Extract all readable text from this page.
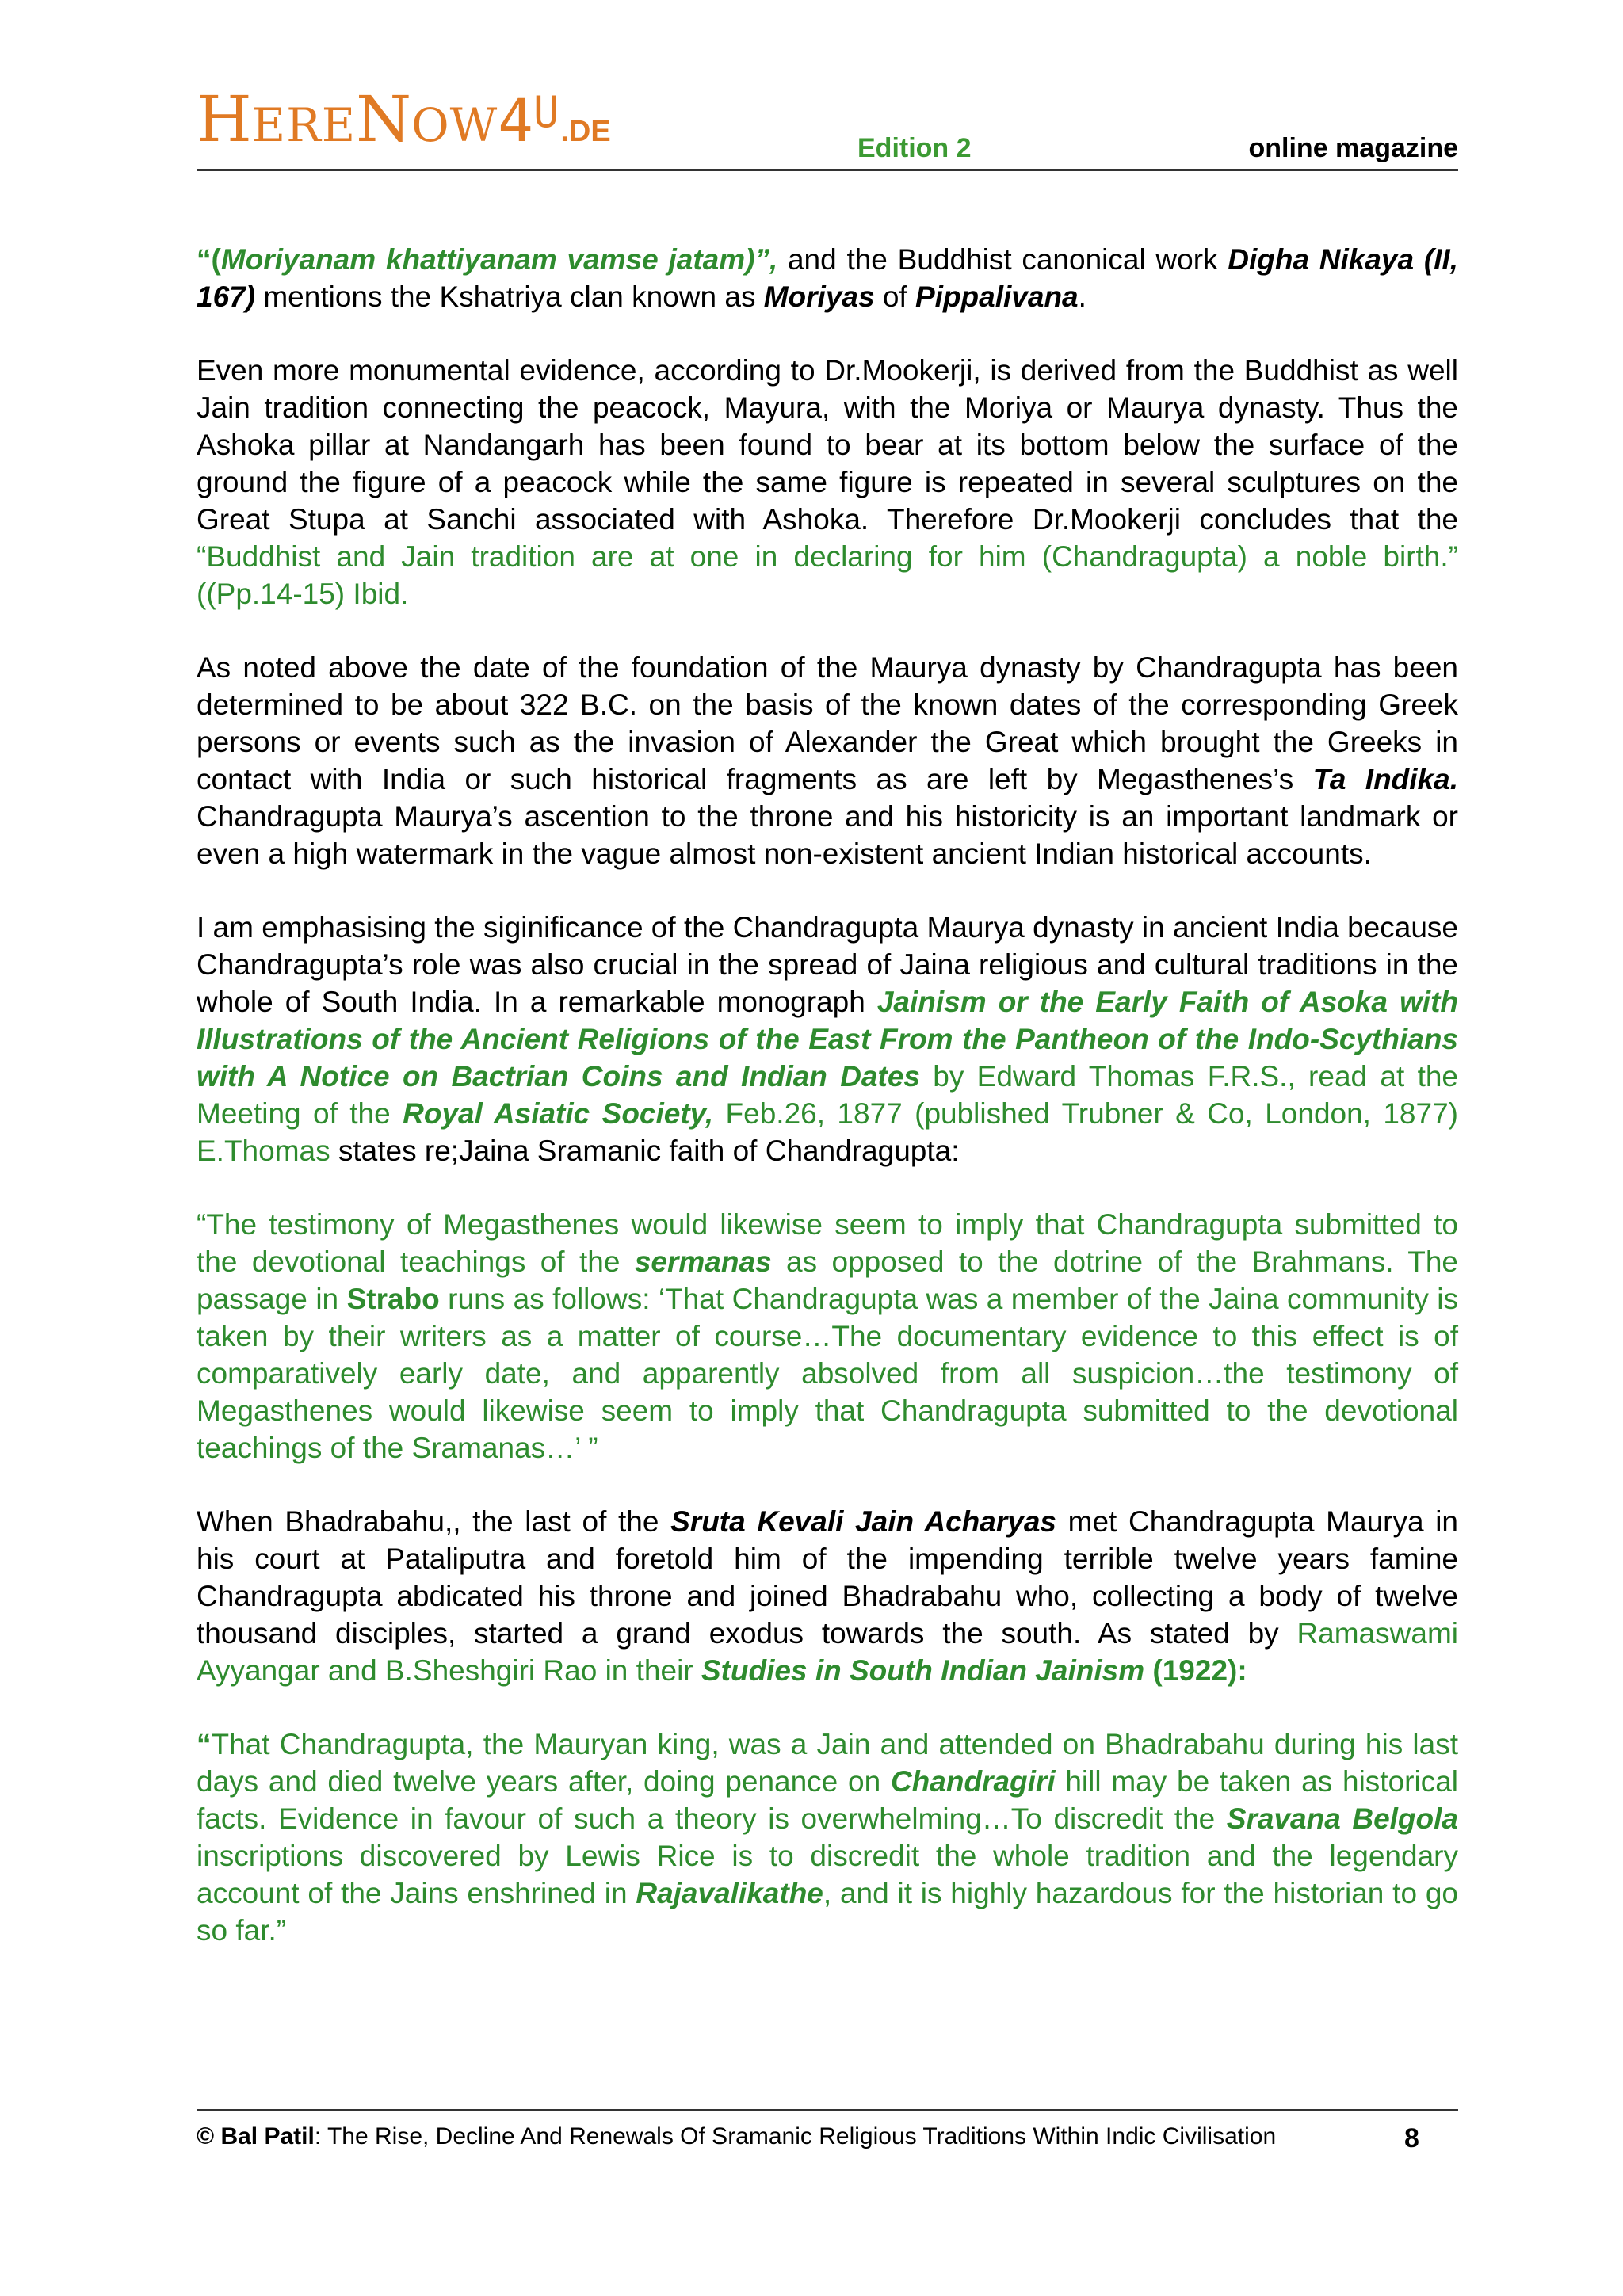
HERENOW4U.DE	Edition 2	online magazine

“(Moriyanam khattiyanam vamse jatam)”, and the Buddhist canonical work Digha Nikaya (II, 167) mentions the Kshatriya clan known as Moriyas of Pippalivana.

Even more monumental evidence, according to Dr.Mookerji, is derived from the Buddhist as well Jain tradition connecting the peacock, Mayura, with the Moriya or Maurya dynasty. Thus the Ashoka pillar at Nandangarh has been found to bear at its bottom below the surface of the ground the figure of a peacock while the same figure is repeated in several sculptures on the Great Stupa at Sanchi associated with Ashoka. Therefore Dr.Mookerji concludes that the “Buddhist and Jain tradition are at one in declaring for him (Chandragupta) a noble birth.” ((Pp.14-15) Ibid.

As noted above the date of the foundation of the Maurya dynasty by Chandragupta has been determined to be about 322 B.C. on the basis of the known dates of the corresponding Greek persons or events such as the invasion of Alexander the Great which brought the Greeks in contact with India or such historical fragments as are left by Megasthenes’s Ta Indika. Chandragupta Maurya’s ascention to the throne and his historicity is an important landmark or even a high watermark in the vague almost non-existent ancient Indian historical accounts.

I am emphasising the siginificance of the Chandragupta Maurya dynasty in ancient India because Chandragupta’s role was also crucial in the spread of Jaina religious and cultural traditions in the whole of South India. In a remarkable monograph Jainism or the Early Faith of Asoka with Illustrations of the Ancient Religions of the East From the Pantheon of the Indo-Scythians with A Notice on Bactrian Coins and Indian Dates by Edward Thomas F.R.S., read at the Meeting of the Royal Asiatic Society, Feb.26, 1877 (published Trubner & Co, London, 1877) E.Thomas states re;Jaina Sramanic faith of Chandragupta:

“The testimony of Megasthenes would likewise seem to imply that Chandragupta submitted to the devotional teachings of the sermanas as opposed to the dotrine of the Brahmans. The passage in Strabo runs as follows: ‘That Chandragupta was a member of the Jaina community is taken by their writers as a matter of course…The documentary evidence to this effect is of comparatively early date, and apparently absolved from all suspicion…the testimony of Megasthenes would likewise seem to imply that Chandragupta submitted to the devotional teachings of the Sramanas…’ ”

When Bhadrabahu,, the last of the Sruta Kevali Jain Acharyas met Chandragupta Maurya in his court at Pataliputra and foretold him of the impending terrible twelve years famine Chandragupta abdicated his throne and joined Bhadrabahu who, collecting a body of twelve thousand disciples, started a grand exodus towards the south. As stated by Ramaswami Ayyangar and B.Sheshgiri Rao in their Studies in South Indian Jainism (1922):

“That Chandragupta, the Mauryan king, was a Jain and attended on Bhadrabahu during his last days and died twelve years after, doing penance on Chandragiri hill may be taken as historical facts. Evidence in favour of such a theory is overwhelming…To discredit the Sravana Belgola inscriptions discovered by Lewis Rice is to discredit the whole tradition and the legendary account of the Jains enshrined in Rajavalikathe, and it is highly hazardous for the historian to go so far.”

© Bal Patil: The Rise, Decline And Renewals Of Sramanic Religious Traditions Within Indic Civilisation	8
